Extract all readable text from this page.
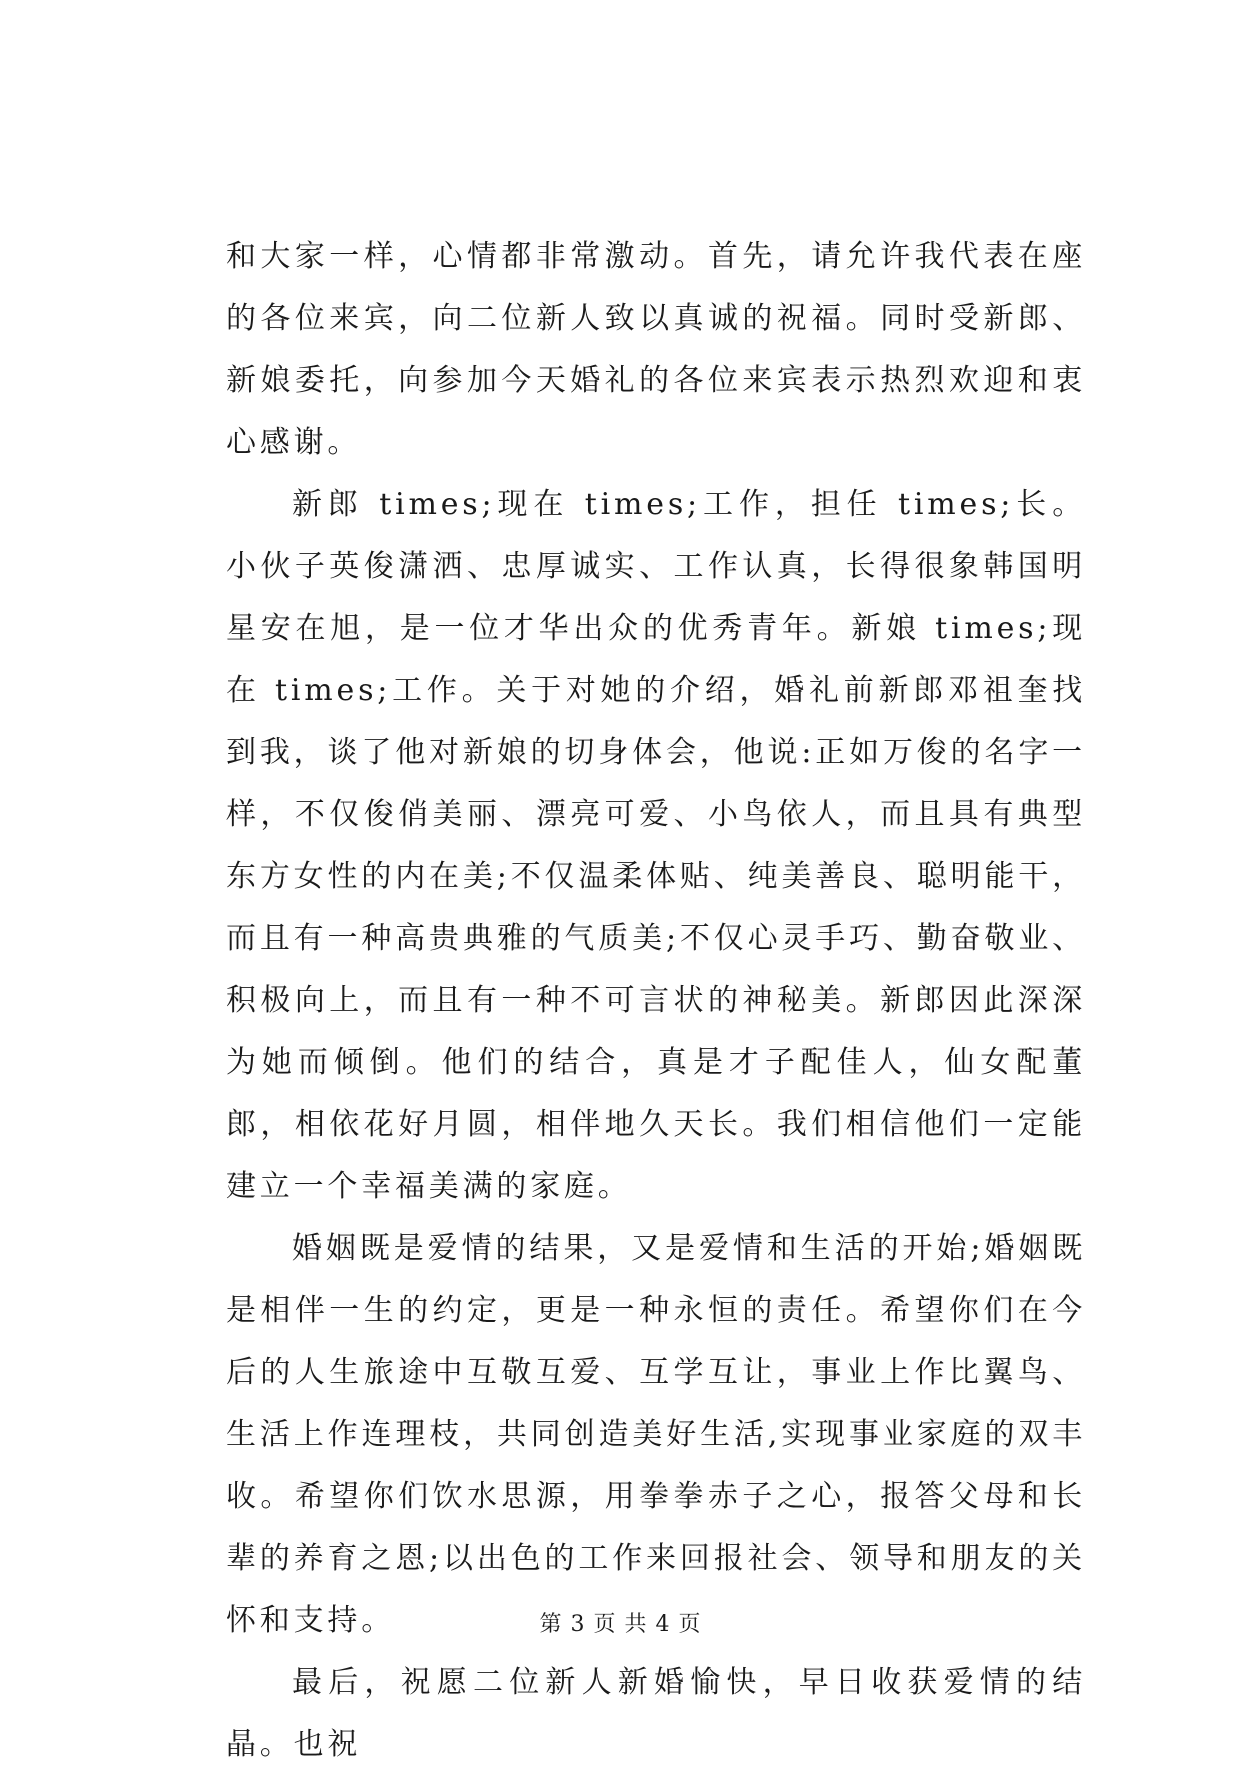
和大家一样，心情都非常激动。首先，请允许我代表在座的各位来宾，向二位新人致以真诚的祝福。同时受新郎、新娘委托，向参加今天婚礼的各位来宾表示热烈欢迎和衷心感谢。

新郎 times;现在 times;工作，担任 times;长。小伙子英俊潇洒、忠厚诚实、工作认真，长得很象韩国明星安在旭，是一位才华出众的优秀青年。新娘 times;现在 times;工作。关于对她的介绍，婚礼前新郎邓祖奎找到我，谈了他对新娘的切身体会，他说:正如万俊的名字一样，不仅俊俏美丽、漂亮可爱、小鸟依人，而且具有典型东方女性的内在美;不仅温柔体贴、纯美善良、聪明能干，而且有一种高贵典雅的气质美;不仅心灵手巧、勤奋敬业、积极向上，而且有一种不可言状的神秘美。新郎因此深深为她而倾倒。他们的结合，真是才子配佳人，仙女配董郎，相依花好月圆，相伴地久天长。我们相信他们一定能建立一个幸福美满的家庭。

婚姻既是爱情的结果，又是爱情和生活的开始;婚姻既是相伴一生的约定，更是一种永恒的责任。希望你们在今后的人生旅途中互敬互爱、互学互让，事业上作比翼鸟、生活上作连理枝，共同创造美好生活,实现事业家庭的双丰收。希望你们饮水思源，用拳拳赤子之心，报答父母和长辈的养育之恩;以出色的工作来回报社会、领导和朋友的关怀和支持。

最后，祝愿二位新人新婚愉快，早日收获爱情的结晶。也祝

第 3 页 共 4 页
